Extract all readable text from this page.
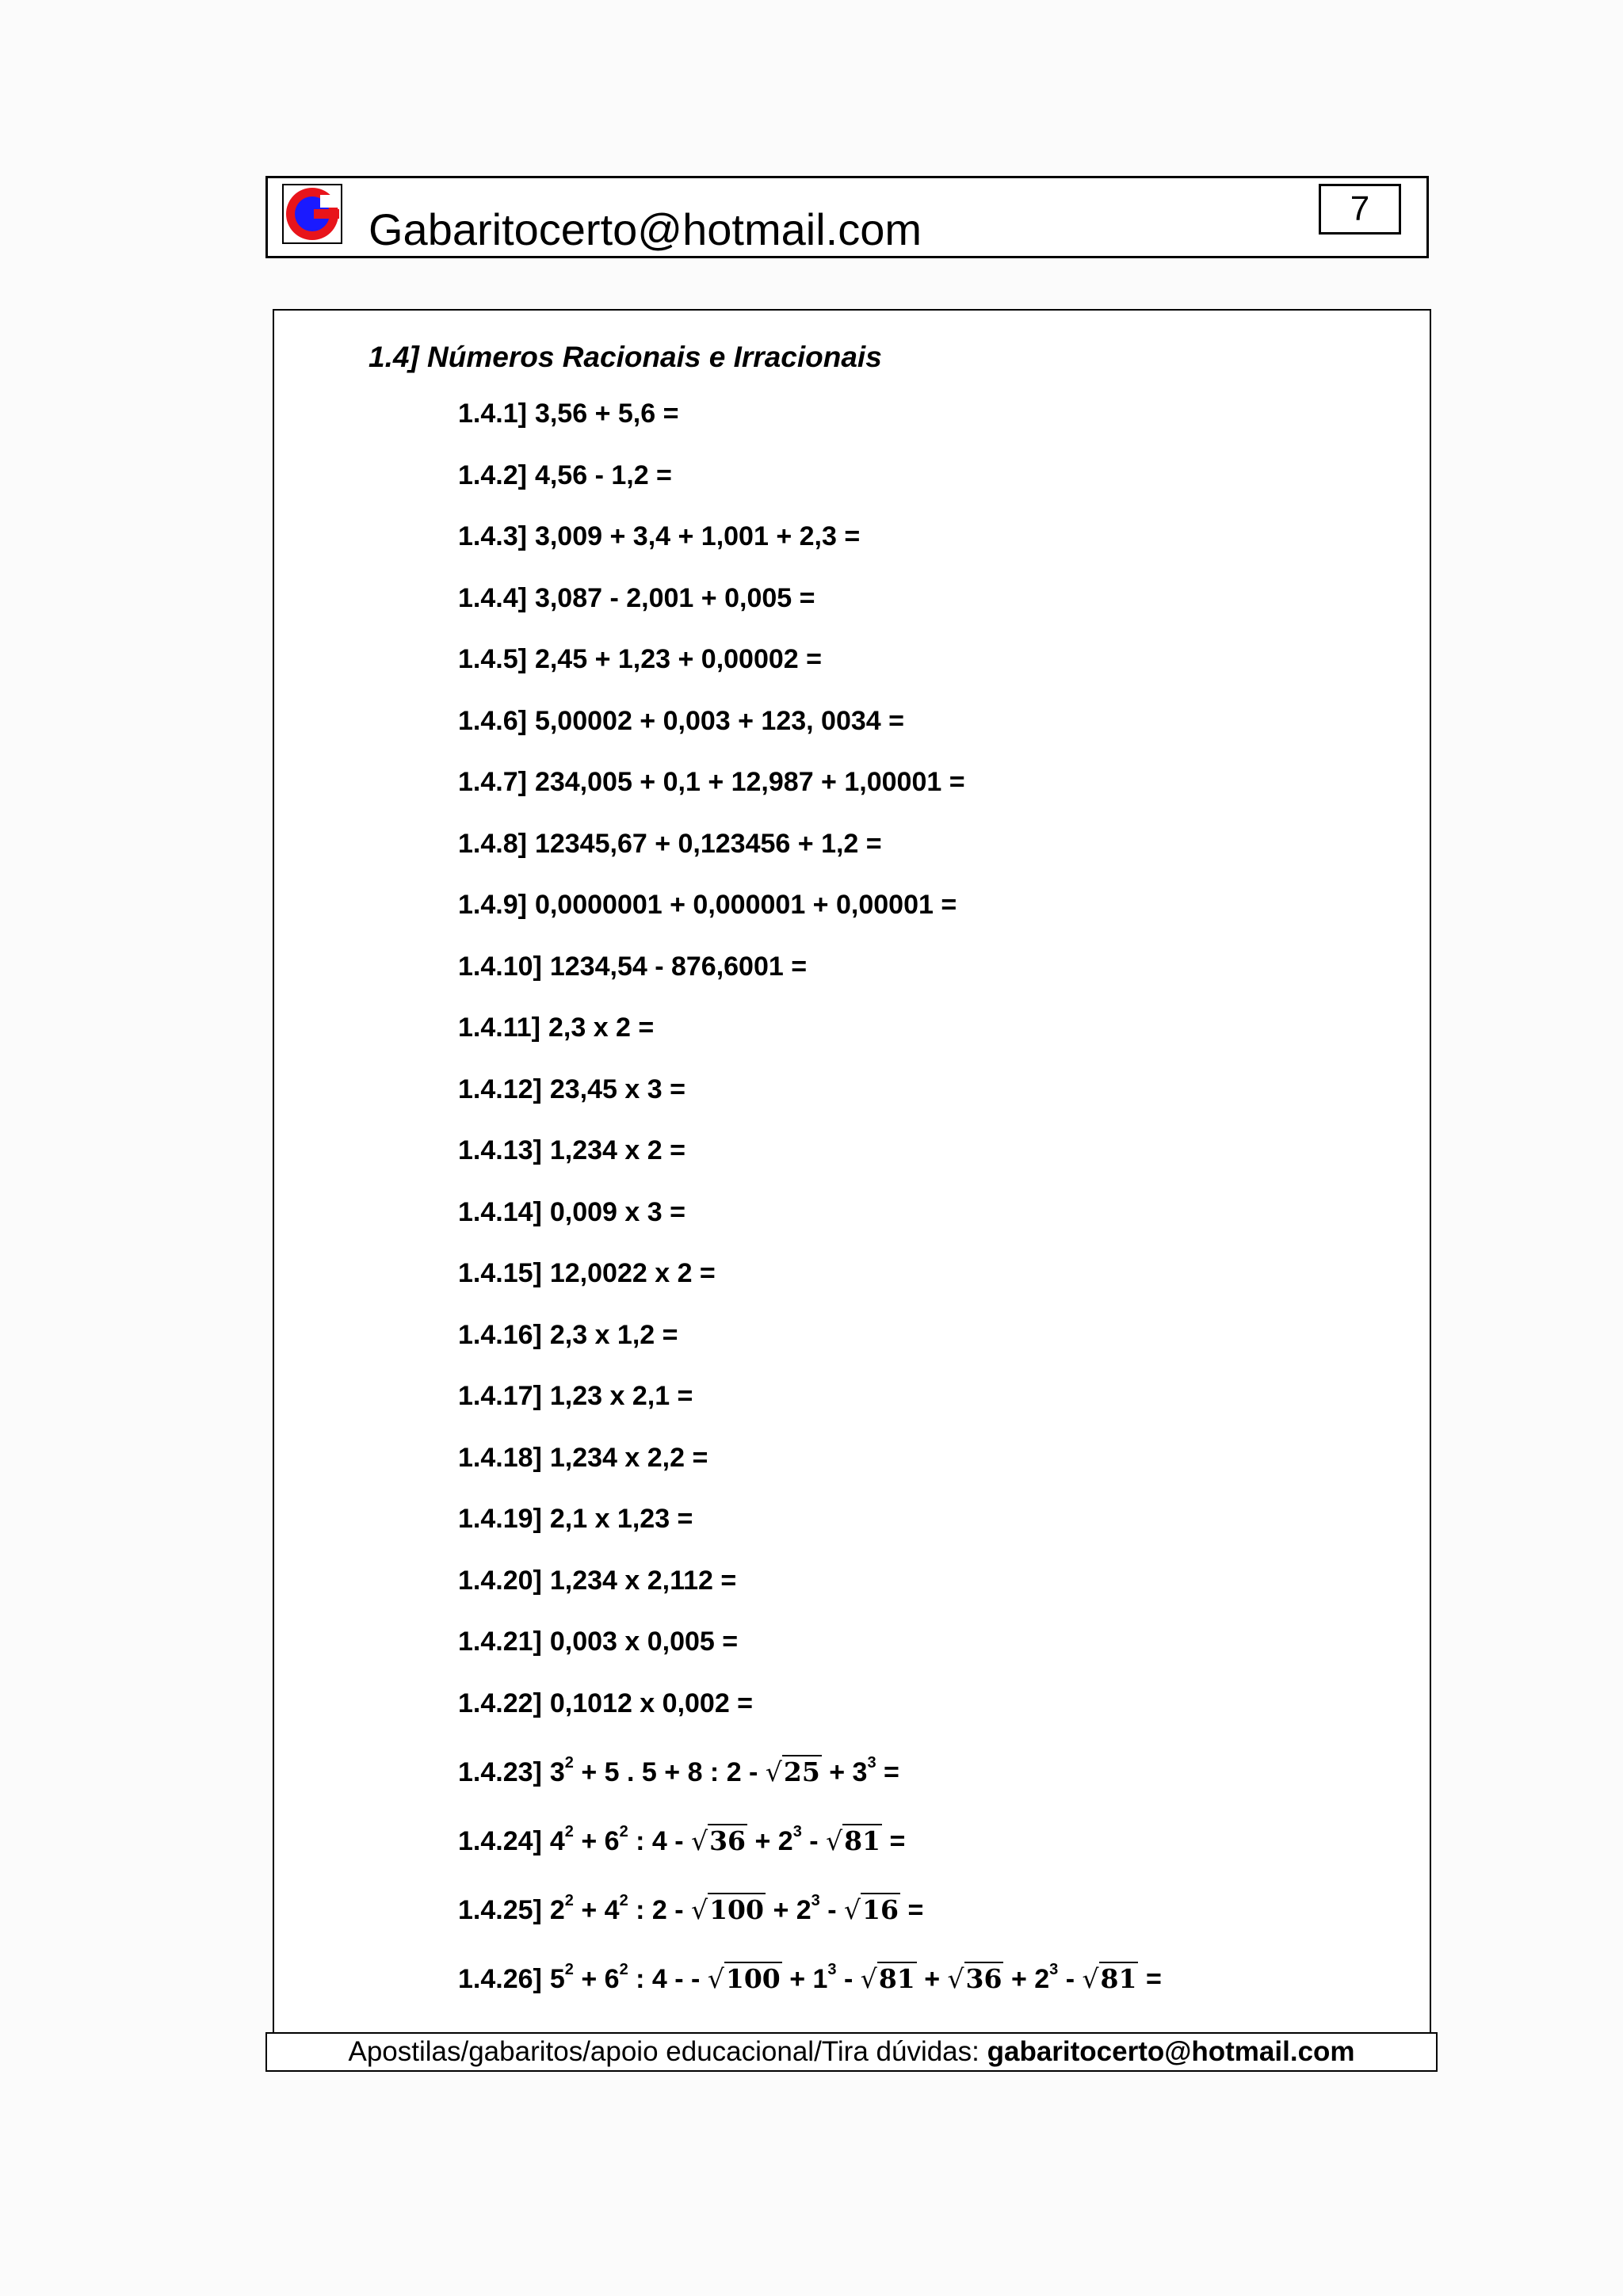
Gabaritocerto@hotmail.com	7
1.4] Números Racionais e Irracionais
1.4.1] 3,56 + 5,6 =
1.4.2] 4,56 - 1,2 =
1.4.3] 3,009 + 3,4 + 1,001 + 2,3 =
1.4.4] 3,087 - 2,001 + 0,005 =
1.4.5] 2,45 + 1,23 + 0,00002 =
1.4.6] 5,00002 + 0,003 + 123, 0034 =
1.4.7] 234,005 + 0,1 + 12,987 + 1,00001 =
1.4.8] 12345,67 + 0,123456 + 1,2 =
1.4.9] 0,0000001 + 0,000001 + 0,00001 =
1.4.10] 1234,54 - 876,6001 =
1.4.11] 2,3 x 2 =
1.4.12] 23,45 x 3 =
1.4.13] 1,234 x 2 =
1.4.14] 0,009 x 3 =
1.4.15] 12,0022 x 2 =
1.4.16] 2,3 x 1,2 =
1.4.17] 1,23 x 2,1 =
1.4.18] 1,234 x 2,2 =
1.4.19] 2,1 x 1,23 =
1.4.20] 1,234 x 2,112 =
1.4.21] 0,003 x 0,005 =
1.4.22] 0,1012 x 0,002 =
1.4.23] $3^2 + 5$ . 5 + 8 : $2 - √25 + 3^3$ =
1.4.24] $4^2 + 6^2$ : $4 - √36 + 2^3 - √81$ =
1.4.25] $2^2 + 4^2$ : $2 - √100 + 2^3 - √16$ =
1.4.26] $5^2 + 6^2$ : 4 - - $√100 + 1^3 - √81 + √36 + 2^3 - √81$ =
Apostilas/gabaritos/apoio educacional/Tira dúvidas: gabaritocerto@hotmail.com
